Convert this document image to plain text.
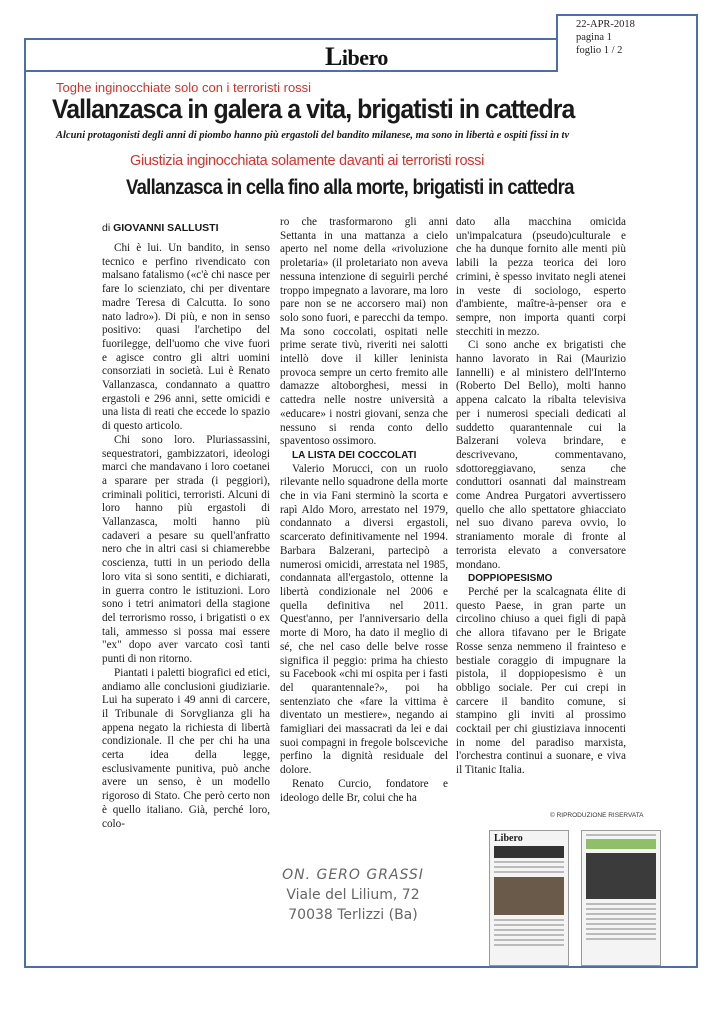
Libero
22-APR-2018
pagina 1
foglio 1 / 2
Toghe inginocchiate solo con i terroristi rossi
Vallanzasca in galera a vita, brigatisti in cattedra
Alcuni protagonisti degli anni di piombo hanno più ergastoli del bandito milanese, ma sono in libertà e ospiti fissi in tv
Giustizia inginocchiata solamente davanti ai terroristi rossi
Vallanzasca in cella fino alla morte, brigatisti in cattedra
di GIOVANNI SALLUSTI

Chi è lui. Un bandito, in senso tecnico e perfino rivendicato con malsano fatalismo («c'è chi nasce per fare lo scienziato, chi per diventare madre Teresa di Calcutta. Io sono nato ladro»). Di più, e non in senso positivo: quasi l'archetipo del fuorilegge, dell'uomo che vive fuori e agisce contro gli altri uomini consorziati in società. Lui è Renato Vallanzasca, condannato a quattro ergastoli e 296 anni, sette omicidi e una lista di reati che eccede lo spazio di questo articolo.

Chi sono loro. Pluriassassini, sequestratori, gambizzatori, ideologi marci che mandavano i loro coetanei a sparare per strada (i peggiori), criminali politici, terroristi. Alcuni di loro hanno più ergastoli di Vallanzasca, molti hanno più cadaveri a pesare su quell'anfratto nero che in altri casi si chiamerebbe coscienza, tutti in un periodo della loro vita si sono sentiti, e dichiarati, in guerra contro le istituzioni. Loro sono i tetri animatori della stagione del terrorismo rosso, i brigatisti o ex tali, ammesso si possa mai essere "ex" dopo aver varcato così tanti punti di non ritorno.

Piantati i paletti biografici ed etici, andiamo alle conclusioni giudiziarie. Lui ha superato i 49 anni di carcere, il Tribunale di Sorvglianza gli ha appena negato la richiesta di libertà condizionale. Il che per chi ha una certa idea della legge, esclusivamente punitiva, può anche avere un senso, è un modello rigoroso di Stato. Che però certo non è quello italiano. Già, perché loro, colo-

ro che trasformarono gli anni Settanta in una mattanza a cielo aperto nel nome della «rivoluzione proletaria» (il proletariato non aveva nessuna intenzione di seguirli perché troppo impegnato a lavorare, ma loro pare non se ne accorsero mai) non solo sono fuori, e parecchi da tempo. Ma sono coccolati, ospitati nelle prime serate tivù, riveriti nei salotti intellò dove il killer leninista provoca sempre un certo fremito alle damazze altoborghesi, messi in cattedra nelle nostre università a «educare» i nostri giovani, senza che nessuno si renda conto dello spaventoso ossimoro.

LA LISTA DEI COCCOLATI

Valerio Morucci, con un ruolo rilevante nello squadrone della morte che in via Fani sterminò la scorta e rapì Aldo Moro, arrestato nel 1979, condannato a diversi ergastoli, scarcerato definitivamente nel 1994. Barbara Balzerani, partecipò a numerosi omicidi, arrestata nel 1985, condannata all'ergastolo, ottenne la libertà condizionale nel 2006 e quella definitiva nel 2011. Quest'anno, per l'anniversario della morte di Moro, ha dato il meglio di sé, che nel caso delle belve rosse significa il peggio: prima ha chiesto su Facebook «chi mi ospita per i fasti del quarantennale?», poi ha sentenziato che «fare la vittima è diventato un mestiere», negando ai famigliari dei massacrati da lei e dai suoi compagni in fregole bolsceviche perfino la dignità residuale del dolore.

Renato Curcio, fondatore e ideologo delle Br, colui che ha

dato alla macchina omicida un'impalcatura (pseudo)culturale e che ha dunque fornito alle menti più labili la pezza teorica dei loro crimini, è spesso invitato negli atenei in veste di sociologo, esperto d'ambiente, maître-à-penser ora e sempre, non importa quanti corpi stecchiti in mezzo.

Ci sono anche ex brigatisti che hanno lavorato in Rai (Maurizio Iannelli) e al ministero dell'Interno (Roberto Del Bello), molti hanno appena calcato la ribalta televisiva per i numerosi speciali dedicati al suddetto quarantennale cui la Balzerani voleva brindare, e descrivevano, commentavano, sdottoreggiavano, senza che conduttori osannati dal mainstream come Andrea Purgatori avvertissero quello che allo spettatore ghiacciato nel suo divano pareva ovvio, lo straniamento morale di fronte al terrorista elevato a conversatore mondano.

DOPPIOPESISMO

Perché per la scalcagnata élite di questo Paese, in gran parte un circolino chiuso a quei figli di papà che allora tifavano per le Brigate Rosse senza nemmeno il frainteso e bestiale coraggio di impugnare la pistola, il doppiopesismo è un obbligo sociale. Per cui crepi in carcere il bandito comune, si stampino gli inviti al prossimo cocktail per chi giustiziava innocenti in nome del paradiso marxista, l'orchestra continui a suonare, e viva il Titanic Italia.

© RIPRODUZIONE RISERVATA
ON. GERO GRASSI
Viale del Lilium, 72
70038 Terlizzi (Ba)
Libero
